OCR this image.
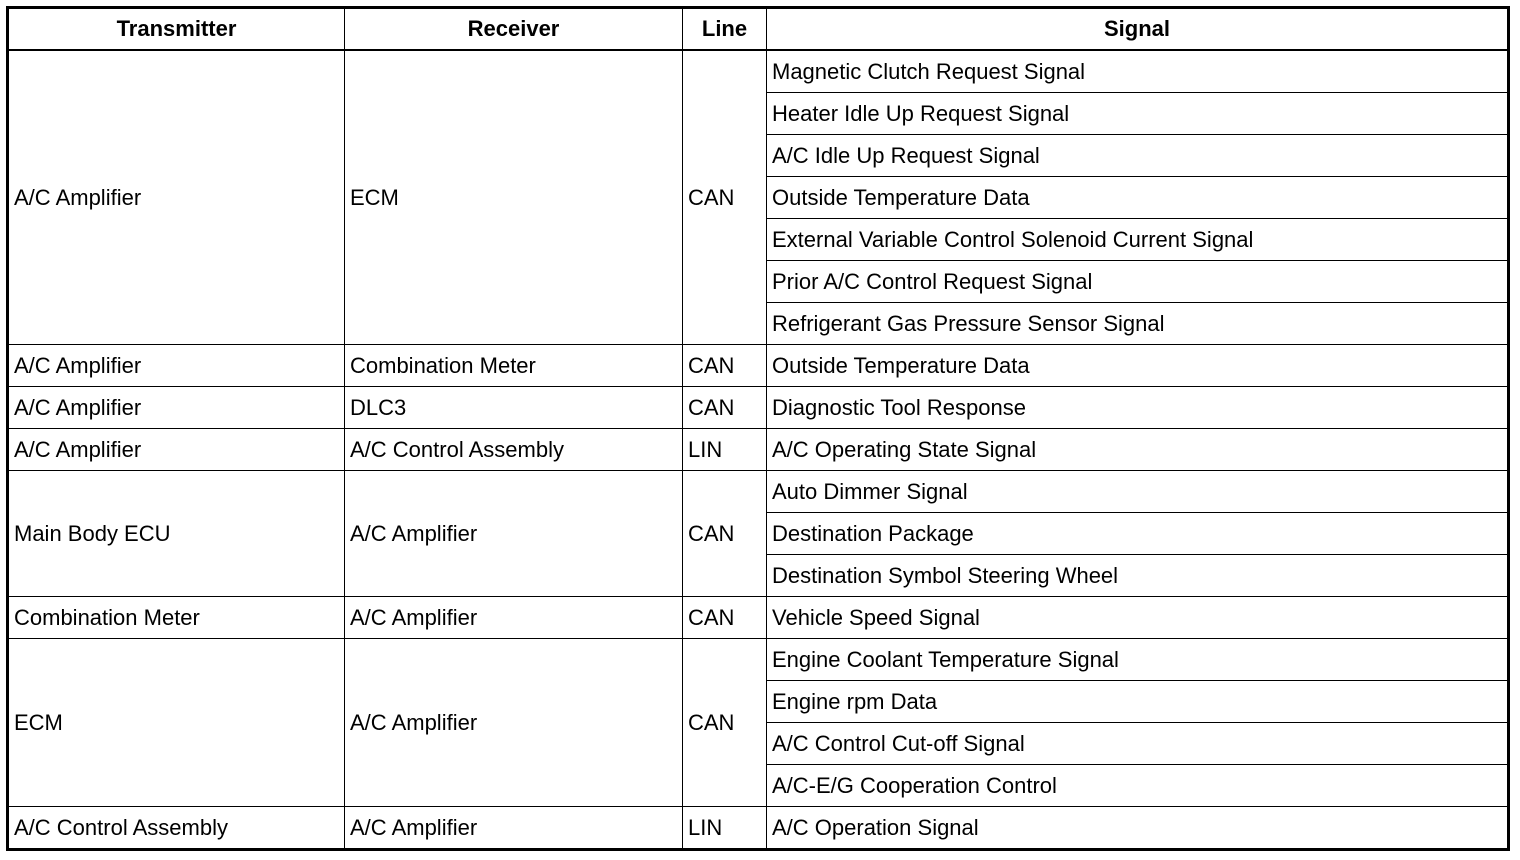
Transmitter	Receiver	Line	Signal
A/C Amplifier	ECM	CAN	Magnetic Clutch Request Signal
			Heater Idle Up Request Signal
			A/C Idle Up Request Signal
			Outside Temperature Data
			External Variable Control Solenoid Current Signal
			Prior A/C Control Request Signal
			Refrigerant Gas Pressure Sensor Signal
A/C Amplifier	Combination Meter	CAN	Outside Temperature Data
A/C Amplifier	DLC3	CAN	Diagnostic Tool Response
A/C Amplifier	A/C Control Assembly	LIN	A/C Operating State Signal
Main Body ECU	A/C Amplifier	CAN	Auto Dimmer Signal
			Destination Package
			Destination Symbol Steering Wheel
Combination Meter	A/C Amplifier	CAN	Vehicle Speed Signal
ECM	A/C Amplifier	CAN	Engine Coolant Temperature Signal
			Engine rpm Data
			A/C Control Cut-off Signal
			A/C-E/G Cooperation Control
A/C Control Assembly	A/C Amplifier	LIN	A/C Operation Signal
